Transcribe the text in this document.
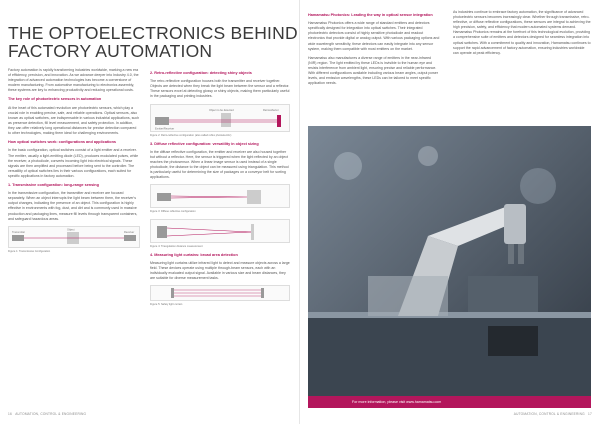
THE OPTOELECTRONICS BEHIND
FACTORY AUTOMATION

Factory automation is rapidly transforming industries worldwide, marking a new era of efficiency, precision, and innovation. As we advance deeper into Industry 4.0, the integration of advanced automation technologies has become a cornerstone of modern manufacturing. From automotive manufacturing to electronics assembly, these systems are key to enhancing productivity and reducing operational costs.

The key role of photoelectric sensors in automation

At the heart of this automated revolution are photoelectric sensors, which play a crucial role in enabling precise, safe, and reliable operations. Optical sensors, also known as optical switches, are indispensable in various industrial applications, such as presence detection, fill level measurement, and safety protection. In addition, they can offer relatively long operational distances for precise detection compared to other technologies, making them ideal for challenging environments.

How optical switches work: configurations and applications

In the basic configuration, optical switches consist of a light emitter and a receiver. The emitter, usually a light-emitting diode (LED), produces modulated pulses, while the receiver, a photodiode, converts incoming light into electrical signals. These signals are then amplified and processed before being sent to the controller. The versatility of optical switches lies in their various configurations, each suited for specific applications in factory automation.

1. Transmissive configuration: long-range sensing

In the transmissive configuration, the transmitter and receiver are focused separately. When an object interrupts the light beam between them, the receiver's output changes, indicating the presence of an object. This configuration is highly effective in environments with fog, dust, and dirt and is commonly used in massive production and packaging lines, measure fill levels through transparent containers, and safeguard hazardous areas.

Transmitter
Object
Receiver
Figure 1: Transmissive Configuration
2. Retro-reflective configuration: detecting shiny objects

The retro-reflective configuration houses both the transmitter and receiver together. Objects are detected when they break the light beam between the sensor and a reflector. These sensors excel at detecting glossy or shiny objects, making them particularly useful in the packaging and printing industries.

Object to be detected	Retroreflector
Emitter/Receiver
Figure 2: Retro-reflective configuration (also called reflex photoelectric)
3. Diffuse reflective configuration: versatility in object sizing

In the diffuse reflective configuration, the emitter and receiver are also housed together but without a reflector. Here, the sensor is triggered when the light reflected by an object reaches the photosensor. When a linear image sensor is used instead of a single photodiode, the distance to the object can be measured using triangulation. This method is particularly useful for determining the size of packages on a conveyor belt for sorting applications.

Figure 3: Diffuse reflective configuration
Figure 4: Triangulation distance measurement
4. Measuring light curtains: broad area detection

Measuring light curtains utilize infrared light to detect and measure objects across a large field. These devices operate using multiple through-beam sensors, each with an individually evaluated output signal. Available in various size and beam distances, they are suitable for diverse measurement tasks.

Figure 5: Safety light curtain
16 AUTOMATION, CONTROL & ENGINEERING
Hamamatsu Photonics: Leading the way in optical sensor integration

Hamamatsu Photonics offers a wide range of standard emitters and detectors specifically designed for integration into optical switches. Their integrated photoelectric detectors consist of highly sensitive photodiode and readout electronics that provide digital or analog output. With various packaging options and wide wavelength sensitivity, these detectors can easily integrate into any sensor system, making them compatible with most emitters on the market.

Hamamatsu also manufactures a diverse range of emitters in the near-infrared (NIR) region. The light emitted by these LEDs is invisible to the human eye and resists interference from ambient light, ensuring precise and reliable performance. With different configurations available including various beam angles, output power levels, and emission wavelengths, these LEDs can be tailored to meet specific application needs.

As industries continue to embrace factory automation, the significance of advanced photoelectric sensors becomes increasingly clear. Whether through transmissive, retro-reflective, or diffuse reflective configurations, these sensors are integral to achieving the high precision, safety, and efficiency that modern automated systems demand. Hamamatsu Photonics remains at the forefront of this technological evolution, providing a comprehensive suite of emitters and detectors designed for seamless integration into optical switches. With a commitment to quality and innovation, Hamamatsu continues to support the rapid advancement of factory automation, ensuring industries worldwide can operate at peak efficiency.

For more information, please visit www.hamamatsu.com
AUTOMATION, CONTROL & ENGINEERING 17
